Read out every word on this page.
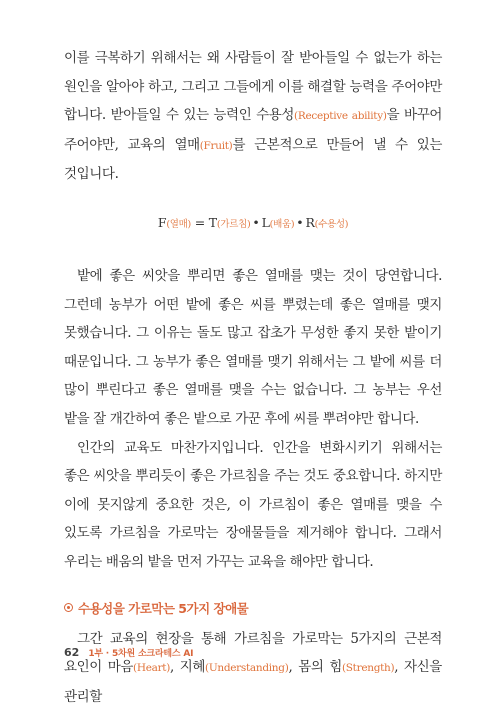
이를 극복하기 위해서는 왜 사람들이 잘 받아들일 수 없는가 하는 원인을 알아야 하고, 그리고 그들에게 이를 해결할 능력을 주어야만 합니다. 받아들일 수 있는 능력인 수용성(Receptive ability)을 바꾸어 주어야만, 교육의 열매(Fruit)를 근본적으로 만들어 낼 수 있는 것입니다.

F(열매) = T(가르침) • L(배움) • R(수용성)

밭에 좋은 씨앗을 뿌리면 좋은 열매를 맺는 것이 당연합니다. 그런데 농부가 어떤 밭에 좋은 씨를 뿌렸는데 좋은 열매를 맺지 못했습니다. 그 이유는 돌도 많고 잡초가 무성한 좋지 못한 밭이기 때문입니다. 그 농부가 좋은 열매를 맺기 위해서는 그 밭에 씨를 더 많이 뿌린다고 좋은 열매를 맺을 수는 없습니다. 그 농부는 우선 밭을 잘 개간하여 좋은 밭으로 가꾼 후에 씨를 뿌려야만 합니다.

인간의 교육도 마찬가지입니다. 인간을 변화시키기 위해서는 좋은 씨앗을 뿌리듯이 좋은 가르침을 주는 것도 중요합니다. 하지만 이에 못지않게 중요한 것은, 이 가르침이 좋은 열매를 맺을 수 있도록 가르침을 가로막는 장애물들을 제거해야 합니다. 그래서 우리는 배움의 밭을 먼저 가꾸는 교육을 해야만 합니다.

수용성을 가로막는 5가지 장애물

그간 교육의 현장을 통해 가르침을 가로막는 5가지의 근본적 요인이 마음(Heart), 지혜(Understanding), 몸의 힘(Strength), 자신을 관리할

62 1부 · 5차원 소크라테스 AI
